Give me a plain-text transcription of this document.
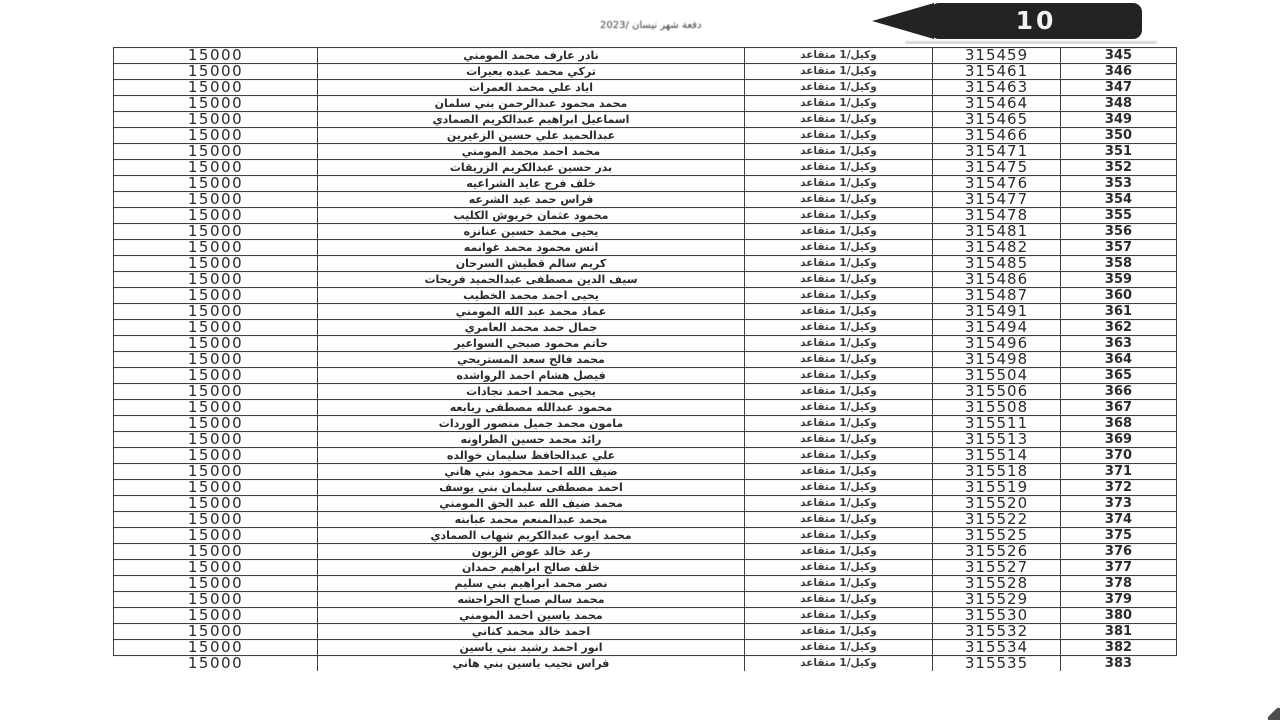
دفعة شهر نيسان /2023	10
15000	نادر عارف محمد المومني	وكيل/1 متقاعد	315459	345
15000	تركي محمد عبده بعيرات	وكيل/1 متقاعد	315461	346
15000	اياد علي محمد العمرات	وكيل/1 متقاعد	315463	347
15000	محمد محمود عبدالرحمن بني سلمان	وكيل/1 متقاعد	315464	348
15000	اسماعيل ابراهيم عبدالكريم الصمادي	وكيل/1 متقاعد	315465	349
15000	عبدالحميد علي حسين الزغيرين	وكيل/1 متقاعد	315466	350
15000	محمد احمد محمد المومني	وكيل/1 متقاعد	315471	351
15000	بدر حسين عبدالكريم الزريقات	وكيل/1 متقاعد	315475	352
15000	خلف فرج عايد الشراعيه	وكيل/1 متقاعد	315476	353
15000	فراس حمد عيد الشرعه	وكيل/1 متقاعد	315477	354
15000	محمود عثمان خريوش الكليب	وكيل/1 متقاعد	315478	355
15000	يحيى محمد حسين عنانزه	وكيل/1 متقاعد	315481	356
15000	انس محمود محمد غوانمه	وكيل/1 متقاعد	315482	357
15000	كريم سالم قطيش السرحان	وكيل/1 متقاعد	315485	358
15000	سيف الدين مصطفى عبدالحميد فريحات	وكيل/1 متقاعد	315486	359
15000	يحيى احمد محمد الخطيب	وكيل/1 متقاعد	315487	360
15000	عماد محمد عبد الله المومني	وكيل/1 متقاعد	315491	361
15000	جمال حمد محمد العامري	وكيل/1 متقاعد	315494	362
15000	حاتم محمود صبحي السواعير	وكيل/1 متقاعد	315496	363
15000	محمد فالح سعد المستريحي	وكيل/1 متقاعد	315498	364
15000	فيصل هشام احمد الرواشده	وكيل/1 متقاعد	315504	365
15000	يحيى محمد احمد نجادات	وكيل/1 متقاعد	315506	366
15000	محمود عبدالله مصطفى ربابعه	وكيل/1 متقاعد	315508	367
15000	مامون محمد جميل منصور الوردات	وكيل/1 متقاعد	315511	368
15000	رائد محمد حسين الطراونه	وكيل/1 متقاعد	315513	369
15000	علي عبدالحافظ سليمان خوالده	وكيل/1 متقاعد	315514	370
15000	ضيف الله احمد محمود بني هاني	وكيل/1 متقاعد	315518	371
15000	احمد مصطفى سليمان بني يوسف	وكيل/1 متقاعد	315519	372
15000	محمد ضيف الله عبد الحق المومني	وكيل/1 متقاعد	315520	373
15000	محمد عبدالمنعم محمد عبابنه	وكيل/1 متقاعد	315522	374
15000	محمد ايوب عبدالكريم شهاب الصمادي	وكيل/1 متقاعد	315525	375
15000	رعد خالد عوض الزبون	وكيل/1 متقاعد	315526	376
15000	خلف صالح ابراهيم حمدان	وكيل/1 متقاعد	315527	377
15000	نصر محمد ابراهيم بني سليم	وكيل/1 متقاعد	315528	378
15000	محمد سالم صباح الحراحشه	وكيل/1 متقاعد	315529	379
15000	محمد ياسين احمد المومني	وكيل/1 متقاعد	315530	380
15000	احمد خالد محمد كناني	وكيل/1 متقاعد	315532	381
15000	انور احمد رشيد بني ياسين	وكيل/1 متقاعد	315534	382
15000	فراس نجيب ياسين بني هاني	وكيل/1 متقاعد	315535	383
